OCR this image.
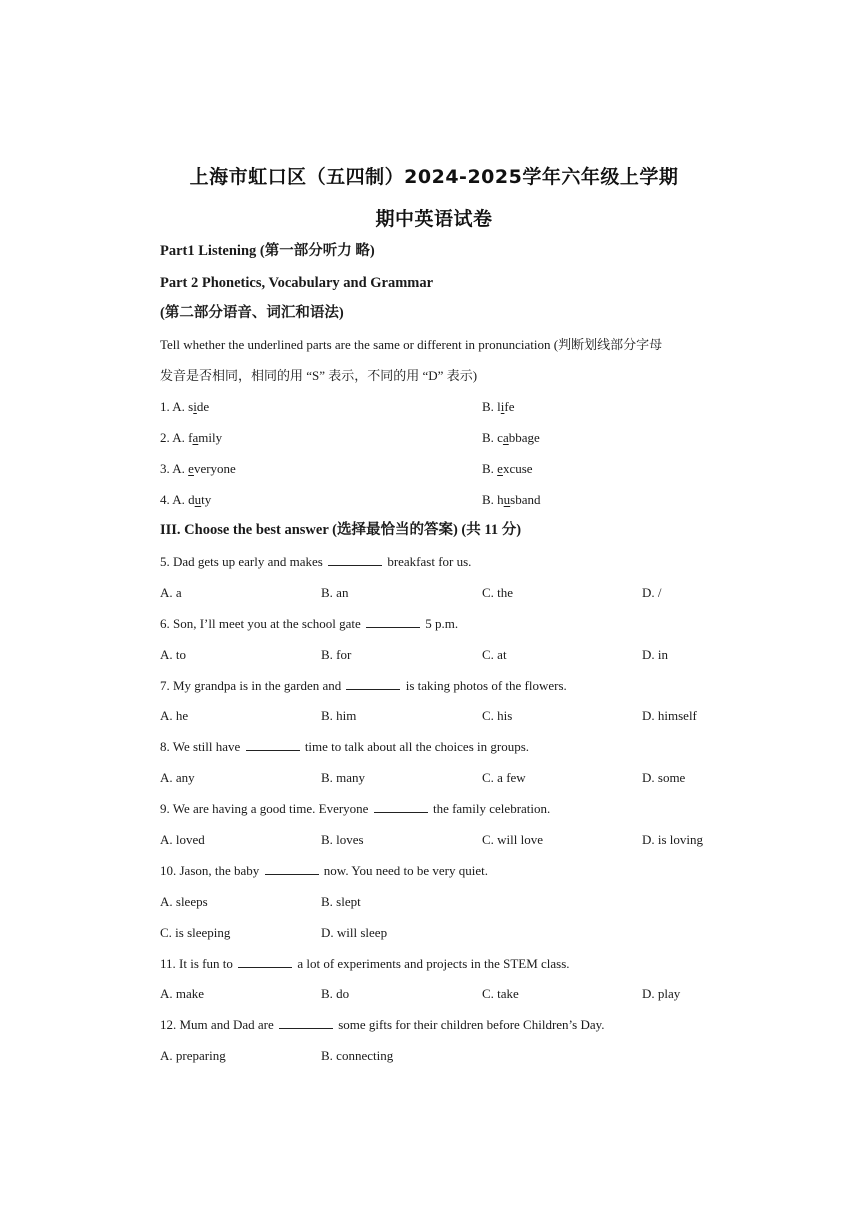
上海市虹口区（五四制）2024-2025学年六年级上学期
期中英语试卷
Part1 Listening (第一部分听力 略)
Part 2 Phonetics, Vocabulary and Grammar
(第二部分语音、词汇和语法)
Tell whether the underlined parts are the same or different in pronunciation (判断划线部分字母
发音是否相同，相同的用 “S” 表示，不同的用 “D” 表示)
1. A. side	B. life
2. A. family	B. cabbage
3. A. everyone	B. excuse
4. A. duty	B. husband
III. Choose the best answer (选择最恰当的答案) (共 11 分)
5. Dad gets up early and makes	breakfast for us.
A. a	B. an	C. the	D. /
6. Son, I’ll meet you at the school gate	5 p.m.
A. to	B. for	C. at	D. in
7. My grandpa is in the garden and	is taking photos of the flowers.
A. he	B. him	C. his	D. himself
8. We still have	time to talk about all the choices in groups.
A. any	B. many	C. a few	D. some
9. We are having a good time. Everyone	the family celebration.
A. loved	B. loves	C. will love	D. is loving
10. Jason, the baby	now. You need to be very quiet.
A. sleeps	B. slept
C. is sleeping	D. will sleep
11. It is fun to	a lot of experiments and projects in the STEM class.
A. make	B. do	C. take	D. play
12. Mum and Dad are	some gifts for their children before Children’s Day.
A. preparing	B. connecting
